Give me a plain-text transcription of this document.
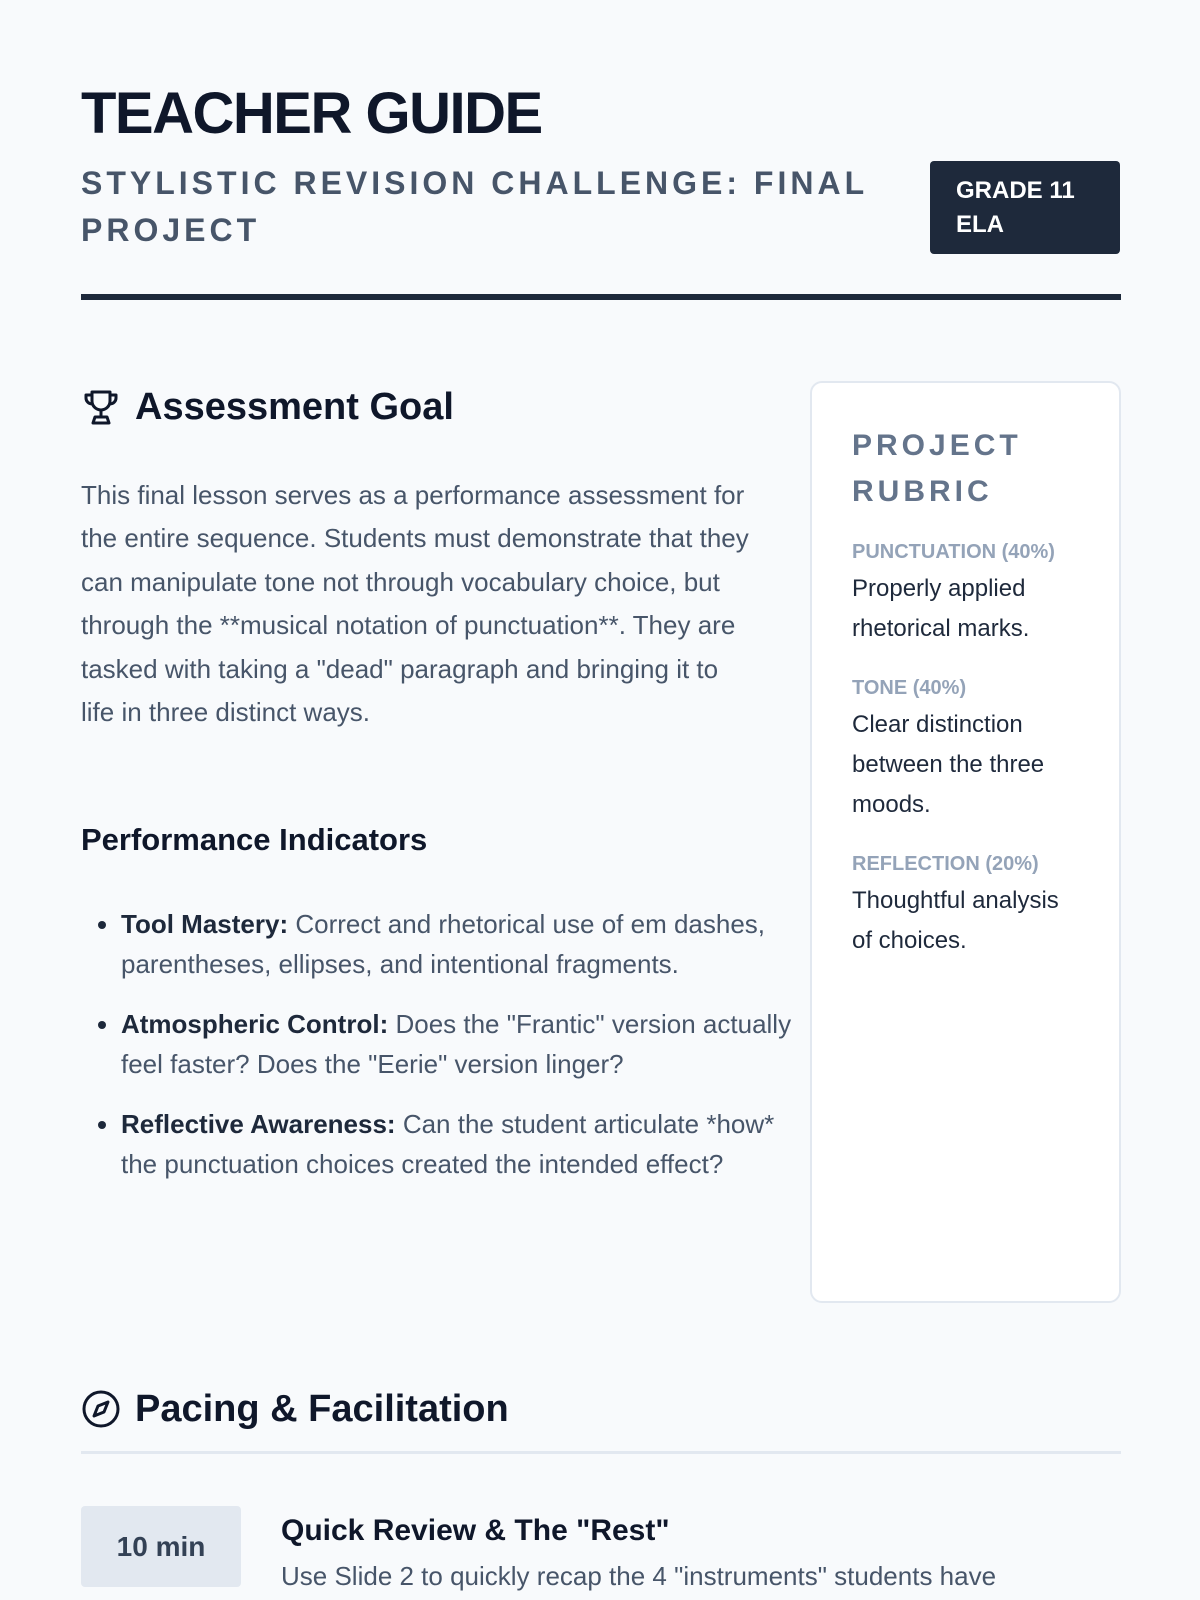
TEACHER GUIDE
STYLISTIC REVISION CHALLENGE: FINAL PROJECT
GRADE 11 ELA
Assessment Goal

This final lesson serves as a performance assessment for the entire sequence. Students must demonstrate that they can manipulate tone not through vocabulary choice, but through the **musical notation of punctuation**. They are tasked with taking a "dead" paragraph and bringing it to life in three distinct ways.

Performance Indicators
• Tool Mastery: Correct and rhetorical use of em dashes, parentheses, ellipses, and intentional fragments.
• Atmospheric Control: Does the "Frantic" version actually feel faster? Does the "Eerie" version linger?
• Reflective Awareness: Can the student articulate *how* the punctuation choices created the intended effect?
PROJECT RUBRIC
PUNCTUATION (40%)
Properly applied rhetorical marks.
TONE (40%)
Clear distinction between the three moods.
REFLECTION (20%)
Thoughtful analysis of choices.
Pacing & Facilitation
10 min	Quick Review & The "Rest"

Use Slide 2 to quickly recap the 4 "instruments" students have
